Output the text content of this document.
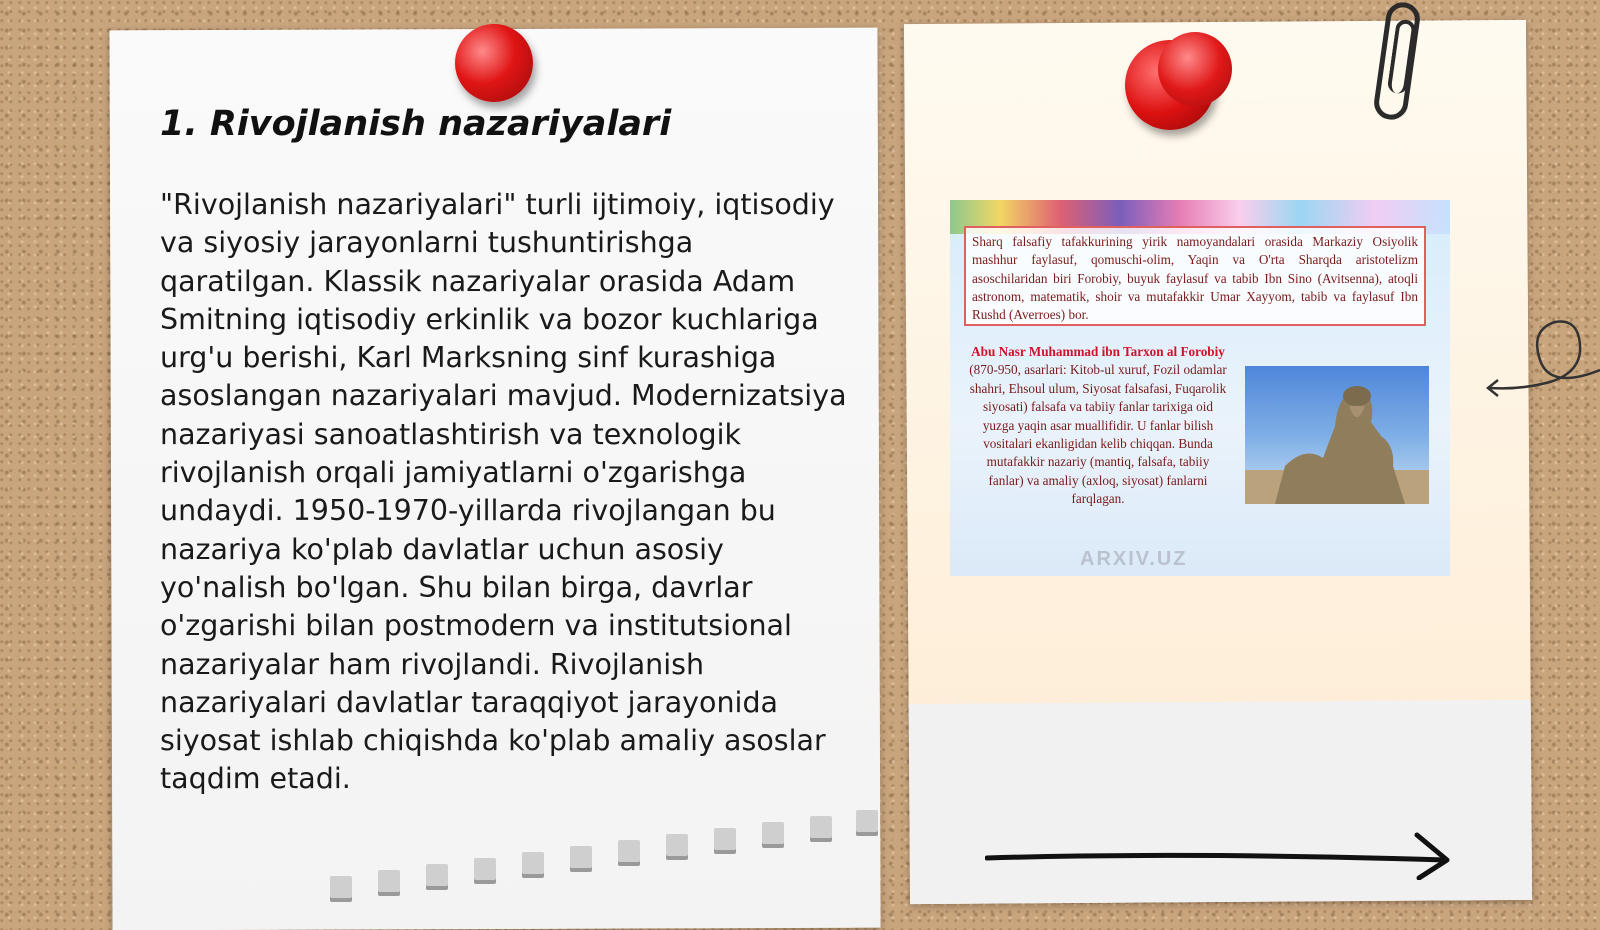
1. Rivojlanish nazariyalari

"Rivojlanish nazariyalari" turli ijtimoiy, iqtisodiy va siyosiy jarayonlarni tushuntirishga qaratilgan. Klassik nazariyalar orasida Adam Smitning iqtisodiy erkinlik va bozor kuchlariga urg'u berishi, Karl Marksning sinf kurashiga asoslangan nazariyalari mavjud. Modernizatsiya nazariyasi sanoatlashtirish va texnologik rivojlanish orqali jamiyatlarni o'zgarishga undaydi. 1950-1970-yillarda rivojlangan bu nazariya ko'plab davlatlar uchun asosiy yo'nalish bo'lgan. Shu bilan birga, davrlar o'zgarishi bilan postmodern va institutsional nazariyalar ham rivojlandi. Rivojlanish nazariyalari davlatlar taraqqiyot jarayonida siyosat ishlab chiqishda ko'plab amaliy asoslar taqdim etadi.

Sharq falsafiy tafakkurining yirik namoyandalari orasida Markaziy Osiyolik mashhur faylasuf, qomuschi-olim, Yaqin va O'rta Sharqda aristotelizm asoschilaridan biri Forobiy, buyuk faylasuf va tabib Ibn Sino (Avitsenna), atoqli astronom, matematik, shoir va mutafakkir Umar Xayyom, tabib va faylasuf Ibn Rushd (Averroes) bor.
Abu Nasr Muhammad ibn Tarxon al Forobiy (870-950, asarlari: Kitob-ul xuruf, Fozil odamlar shahri, Ehsoul ulum, Siyosat falsafasi, Fuqarolik siyosati) falsafa va tabiiy fanlar tarixiga oid yuzga yaqin asar muallifidir. U fanlar bilish vositalari ekanligidan kelib chiqqan. Bunda mutafakkir nazariy (mantiq, falsafa, tabiiy fanlar) va amaliy (axloq, siyosat) fanlarni farqlagan.
ARXIV.UZ
